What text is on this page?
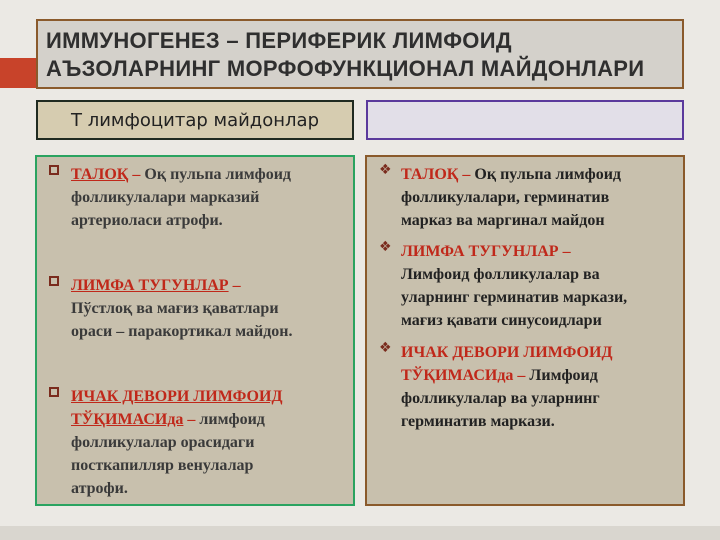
ИММУНОГЕНЕЗ – ПЕРИФЕРИК ЛИМФОИД
АЪЗОЛАРНИНГ МОРФОФУНКЦИОНАЛ МАЙДОНЛАРИ
Т лимфоцитар майдонлар
ТАЛОҚ – Оқ пульпа лимфоид
фолликулалари марказий
артериоласи атрофи.
ЛИМФА ТУГУНЛАР –
Пўстлоқ ва мағиз қаватлари
ораси – паракортикал майдон.
ИЧАК ДЕВОРИ ЛИМФОИД
ТЎҚИМАСИда – лимфоид
фолликулалар орасидаги
посткапилляр венулалар
атрофи.
❖ ТАЛОҚ – Оқ пульпа лимфоид
фолликулалари, герминатив
марказ ва маргинал майдон
❖ ЛИМФА ТУГУНЛАР –
Лимфоид фолликулалар ва
уларнинг герминатив маркази,
мағиз қавати синусоидлари
❖ ИЧАК ДЕВОРИ ЛИМФОИД
ТЎҚИМАСИда – Лимфоид
фолликулалар ва уларнинг
герминатив маркази.
